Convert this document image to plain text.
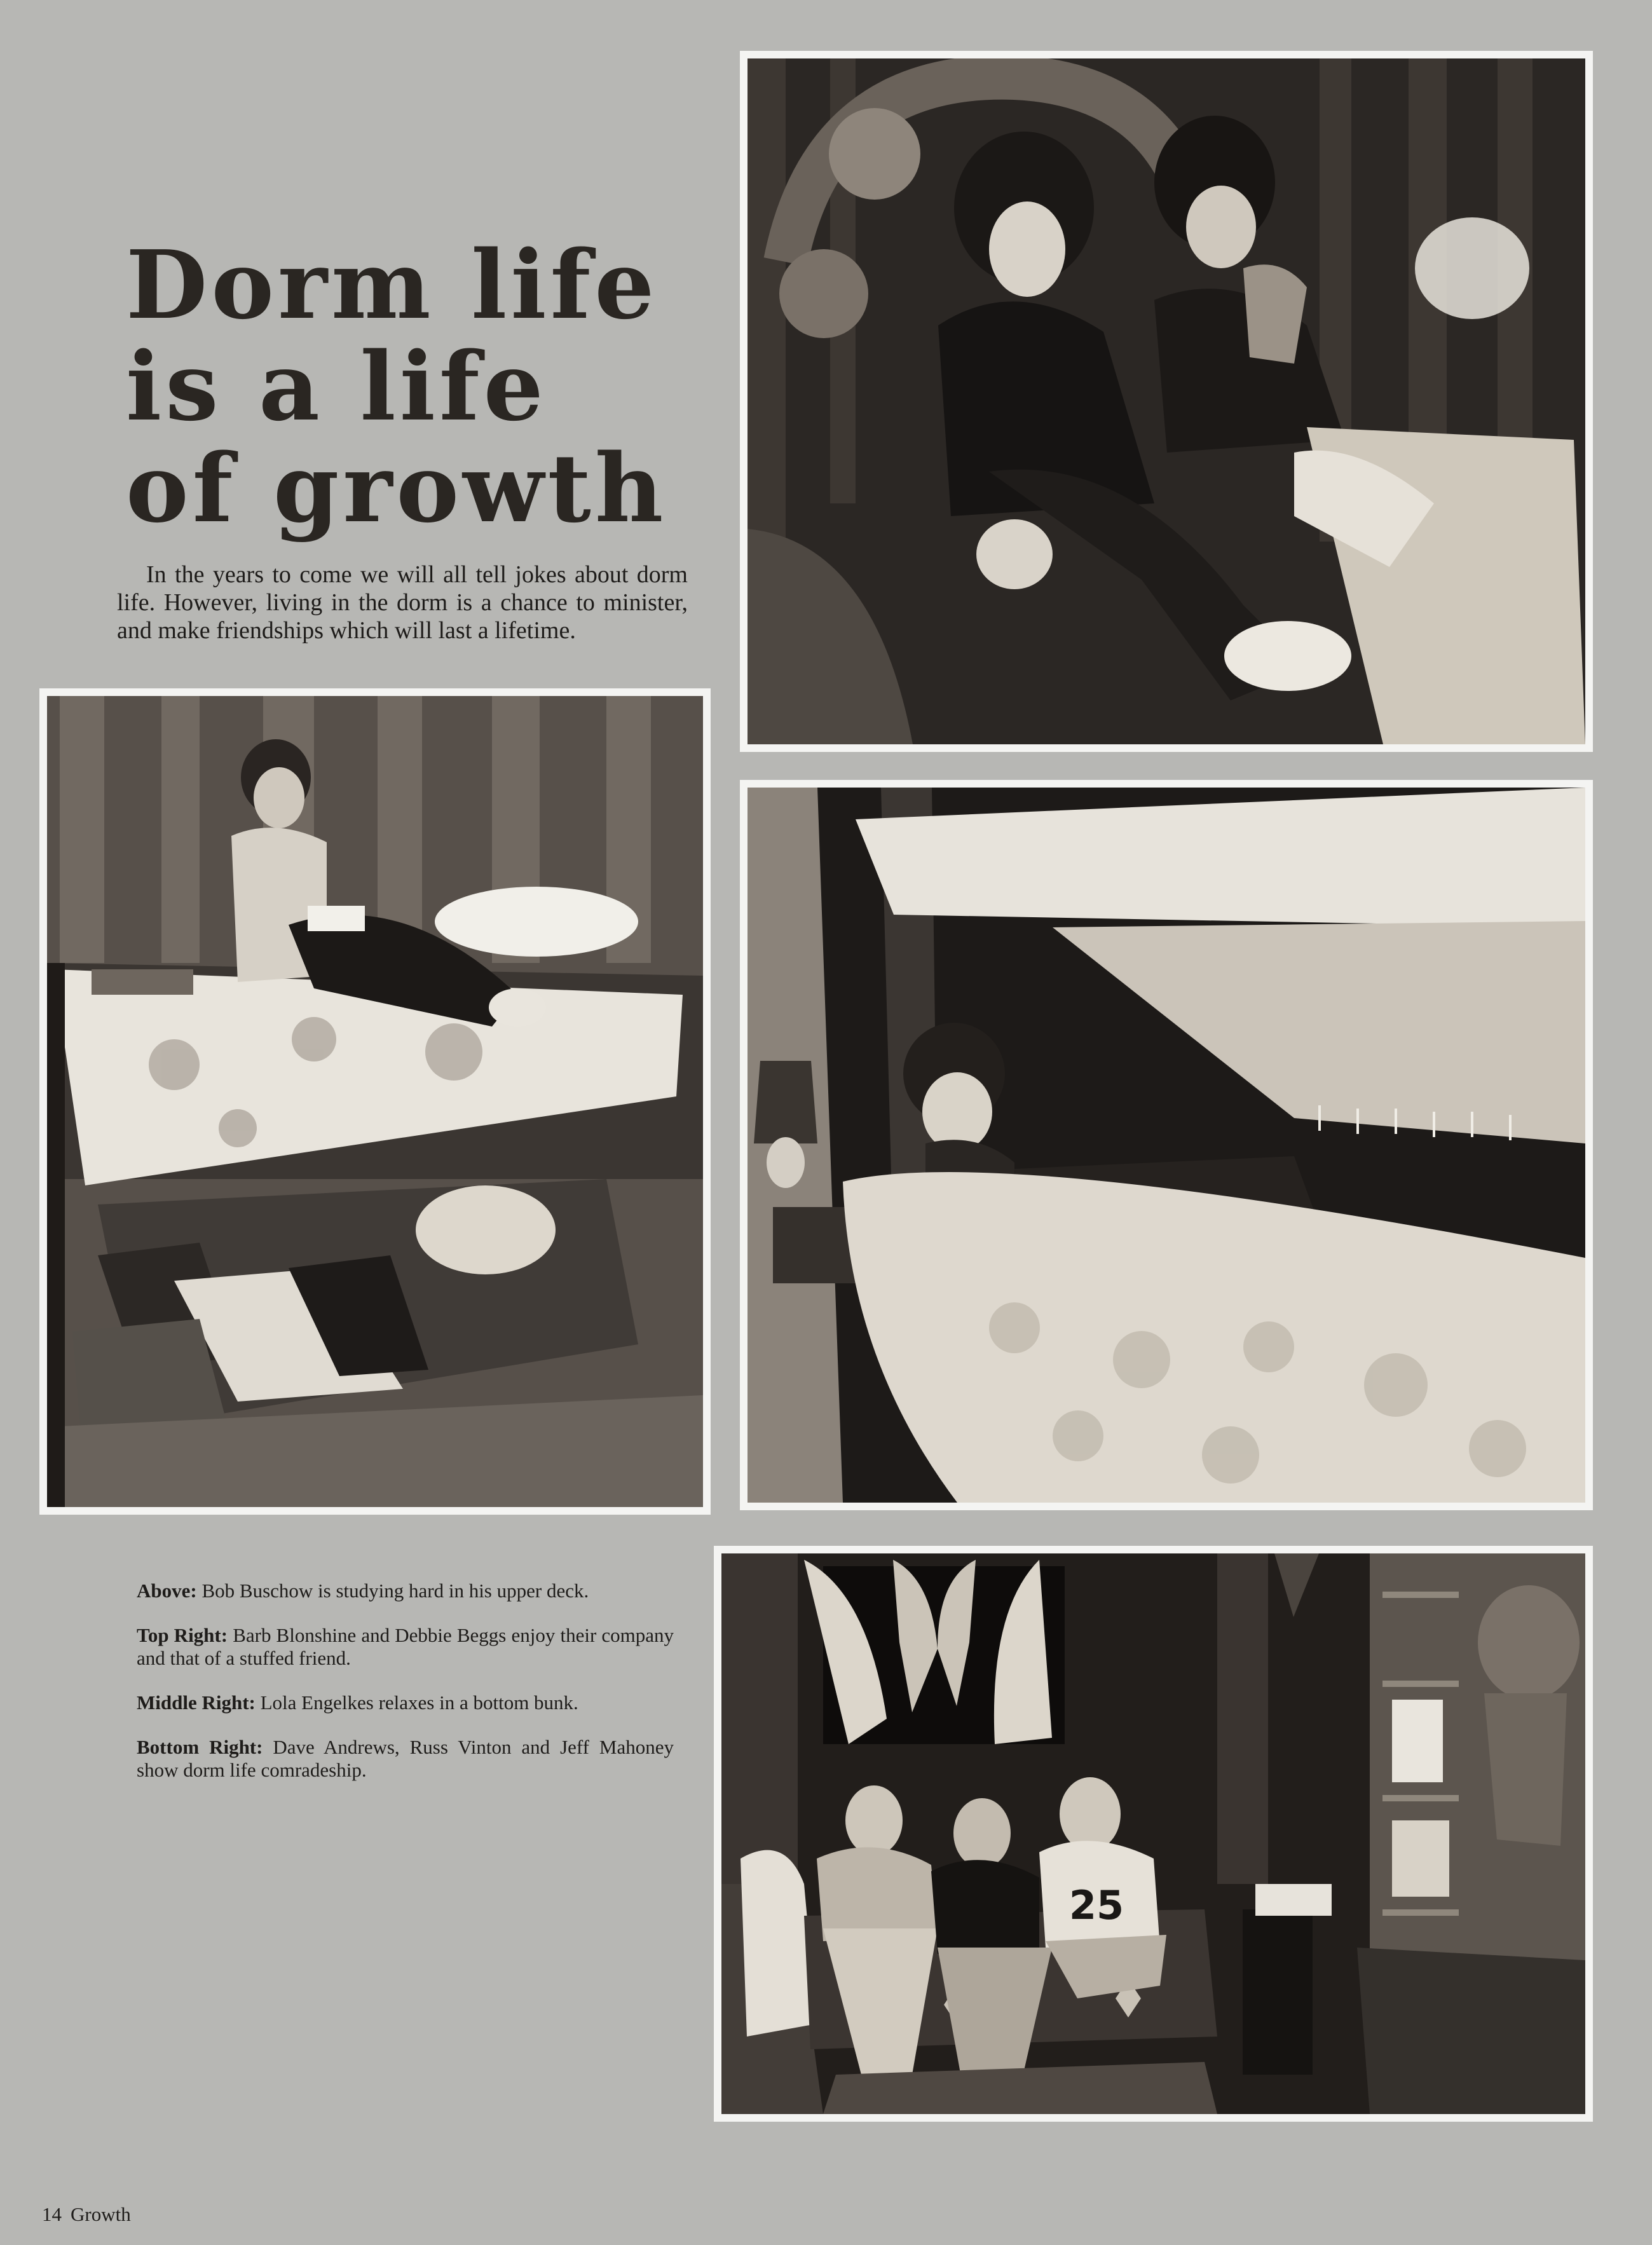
Dorm life
is a life
of growth

In the years to come we will all tell jokes about dorm life. However, living in the dorm is a chance to minister, and make friendships which will last a lifetime.

25

Above: Bob Buschow is studying hard in his upper deck.

Top Right: Barb Blonshine and Debbie Beggs enjoy their company and that of a stuffed friend.

Middle Right: Lola Engelkes relaxes in a bottom bunk.

Bottom Right: Dave Andrews, Russ Vinton and Jeff Mahoney show dorm life comradeship.

14 Growth
